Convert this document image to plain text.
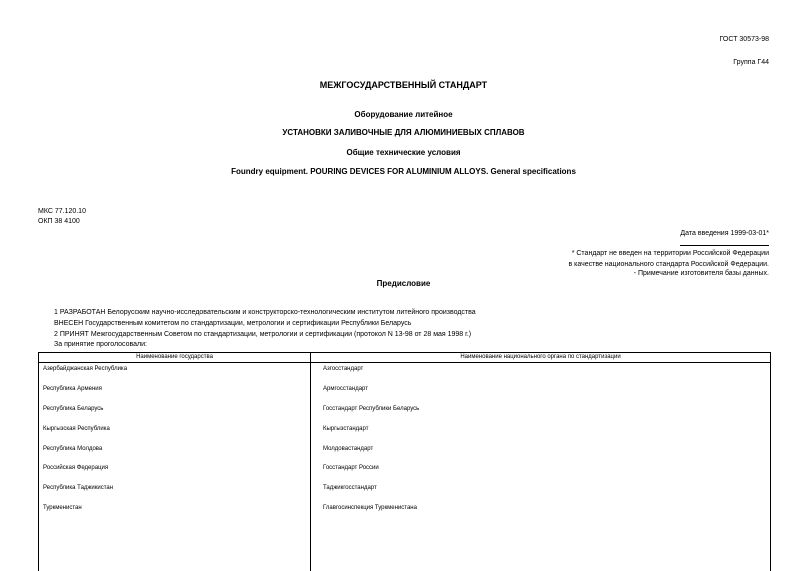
ГОСТ 30573-98
Группа Г44
МЕЖГОСУДАРСТВЕННЫЙ СТАНДАРТ
Оборудование литейное
УСТАНОВКИ ЗАЛИВОЧНЫЕ ДЛЯ АЛЮМИНИЕВЫХ СПЛАВОВ
Общие технические условия
Foundry equipment. POURING DEVICES FOR ALUMINIUM ALLOYS. General specifications
МКС 77.120.10
ОКП 38 4100
Дата введения 1999-03-01*
* Стандарт не введен на территории Российской Федерации
в качестве национального стандарта Российской Федерации.
- Примечание изготовителя базы данных.
Предисловие
1 РАЗРАБОТАН Белорусским научно-исследовательским и конструкторско-технологическим институтом литейного производства
ВНЕСЕН Государственным комитетом по стандартизации, метрологии и сертификации Республики Беларусь
2 ПРИНЯТ Межгосударственным Советом по стандартизации, метрологии и сертификации (протокол N 13-98 от 28 мая 1998 г.)
За принятие проголосовали:
Наименование государства	Наименование национального органа по стандартизации
Азербайджанская Республика	Азгосстандарт
Республика Армения	Армгосстандарт
Республика Беларусь	Госстандарт Республики Беларусь
Кыргызская Республика	Кыргызстандарт
Республика Молдова	Молдовастандарт
Российская Федерация	Госстандарт России
Республика Таджикистан	Таджикгосстандарт
Туркменистан	Главгосинспекция Туркменистана
